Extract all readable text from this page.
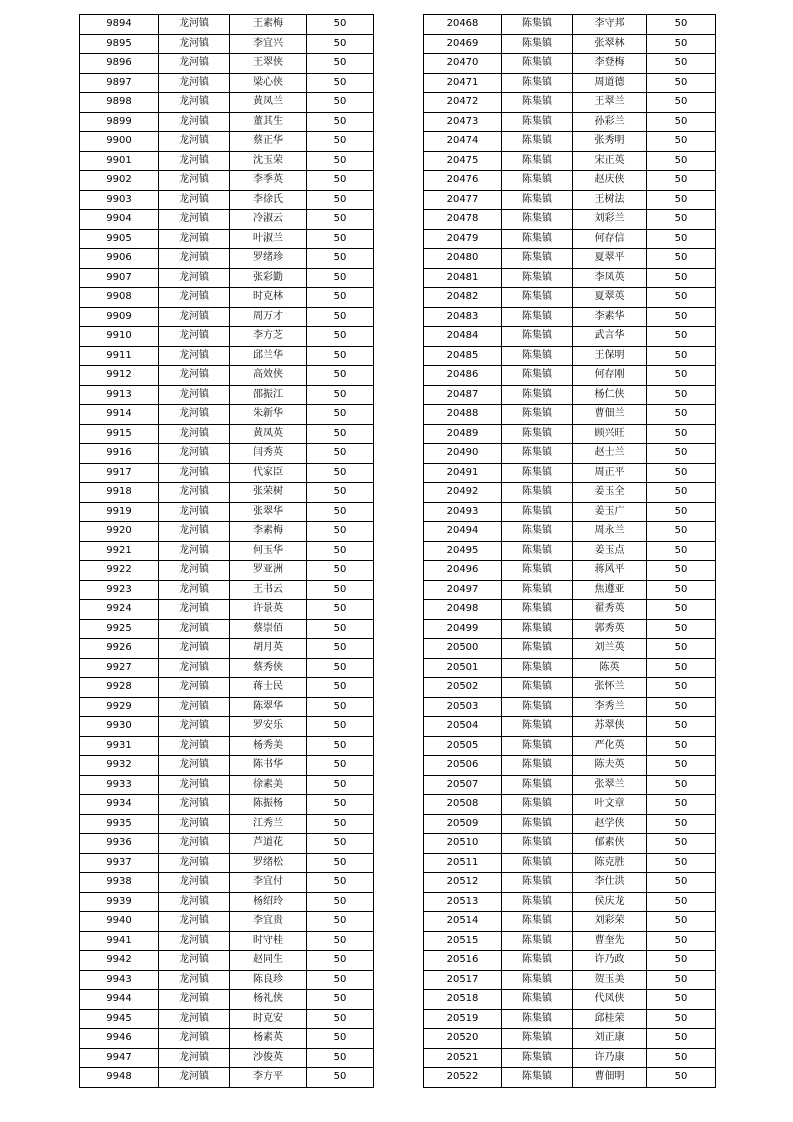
9894	龙河镇	王素梅	50
9895	龙河镇	李宜兴	50
9896	龙河镇	王翠侠	50
9897	龙河镇	梁心侠	50
9898	龙河镇	黄凤兰	50
9899	龙河镇	董其生	50
9900	龙河镇	蔡正华	50
9901	龙河镇	沈玉荣	50
9902	龙河镇	李季英	50
9903	龙河镇	李徐氏	50
9904	龙河镇	冷淑云	50
9905	龙河镇	叶淑兰	50
9906	龙河镇	罗绪珍	50
9907	龙河镇	张彩勤	50
9908	龙河镇	时克林	50
9909	龙河镇	周万才	50
9910	龙河镇	李方芝	50
9911	龙河镇	邱兰华	50
9912	龙河镇	高效侠	50
9913	龙河镇	邵振江	50
9914	龙河镇	朱新华	50
9915	龙河镇	黄凤英	50
9916	龙河镇	闫秀英	50
9917	龙河镇	代家臣	50
9918	龙河镇	张荣树	50
9919	龙河镇	张翠华	50
9920	龙河镇	李素梅	50
9921	龙河镇	何玉华	50
9922	龙河镇	罗亚洲	50
9923	龙河镇	王书云	50
9924	龙河镇	许景英	50
9925	龙河镇	蔡崇佰	50
9926	龙河镇	胡月英	50
9927	龙河镇	蔡秀侠	50
9928	龙河镇	蒋士民	50
9929	龙河镇	陈翠华	50
9930	龙河镇	罗安乐	50
9931	龙河镇	杨秀美	50
9932	龙河镇	陈书华	50
9933	龙河镇	徐素美	50
9934	龙河镇	陈振杨	50
9935	龙河镇	江秀兰	50
9936	龙河镇	芦道花	50
9937	龙河镇	罗绪松	50
9938	龙河镇	李宜付	50
9939	龙河镇	杨绍玲	50
9940	龙河镇	李宜贵	50
9941	龙河镇	时守桂	50
9942	龙河镇	赵同生	50
9943	龙河镇	陈良珍	50
9944	龙河镇	杨礼侠	50
9945	龙河镇	时克安	50
9946	龙河镇	杨素英	50
9947	龙河镇	沙俊英	50
9948	龙河镇	李方平	50
20468	陈集镇	李守邦	50
20469	陈集镇	张翠林	50
20470	陈集镇	李登梅	50
20471	陈集镇	周道德	50
20472	陈集镇	王翠兰	50
20473	陈集镇	孙彩兰	50
20474	陈集镇	张秀明	50
20475	陈集镇	宋正英	50
20476	陈集镇	赵庆侠	50
20477	陈集镇	王树法	50
20478	陈集镇	刘彩兰	50
20479	陈集镇	何存信	50
20480	陈集镇	夏翠平	50
20481	陈集镇	李凤英	50
20482	陈集镇	夏翠英	50
20483	陈集镇	李素华	50
20484	陈集镇	武言华	50
20485	陈集镇	王保明	50
20486	陈集镇	何存刚	50
20487	陈集镇	杨仁侠	50
20488	陈集镇	曹佃兰	50
20489	陈集镇	顾兴旺	50
20490	陈集镇	赵士兰	50
20491	陈集镇	周正平	50
20492	陈集镇	姜玉全	50
20493	陈集镇	姜玉广	50
20494	陈集镇	周永兰	50
20495	陈集镇	姜玉点	50
20496	陈集镇	蒋风平	50
20497	陈集镇	焦遵亚	50
20498	陈集镇	翟秀英	50
20499	陈集镇	郭秀英	50
20500	陈集镇	刘兰英	50
20501	陈集镇	陈英	50
20502	陈集镇	张怀兰	50
20503	陈集镇	李秀兰	50
20504	陈集镇	苏翠侠	50
20505	陈集镇	严化英	50
20506	陈集镇	陈夫英	50
20507	陈集镇	张翠兰	50
20508	陈集镇	叶文章	50
20509	陈集镇	赵学侠	50
20510	陈集镇	郁素侠	50
20511	陈集镇	陈克胜	50
20512	陈集镇	李仕洪	50
20513	陈集镇	侯庆龙	50
20514	陈集镇	刘彩荣	50
20515	陈集镇	曹奎先	50
20516	陈集镇	许乃政	50
20517	陈集镇	贺玉美	50
20518	陈集镇	代凤侠	50
20519	陈集镇	邱桂荣	50
20520	陈集镇	刘正康	50
20521	陈集镇	许乃康	50
20522	陈集镇	曹佃明	50
